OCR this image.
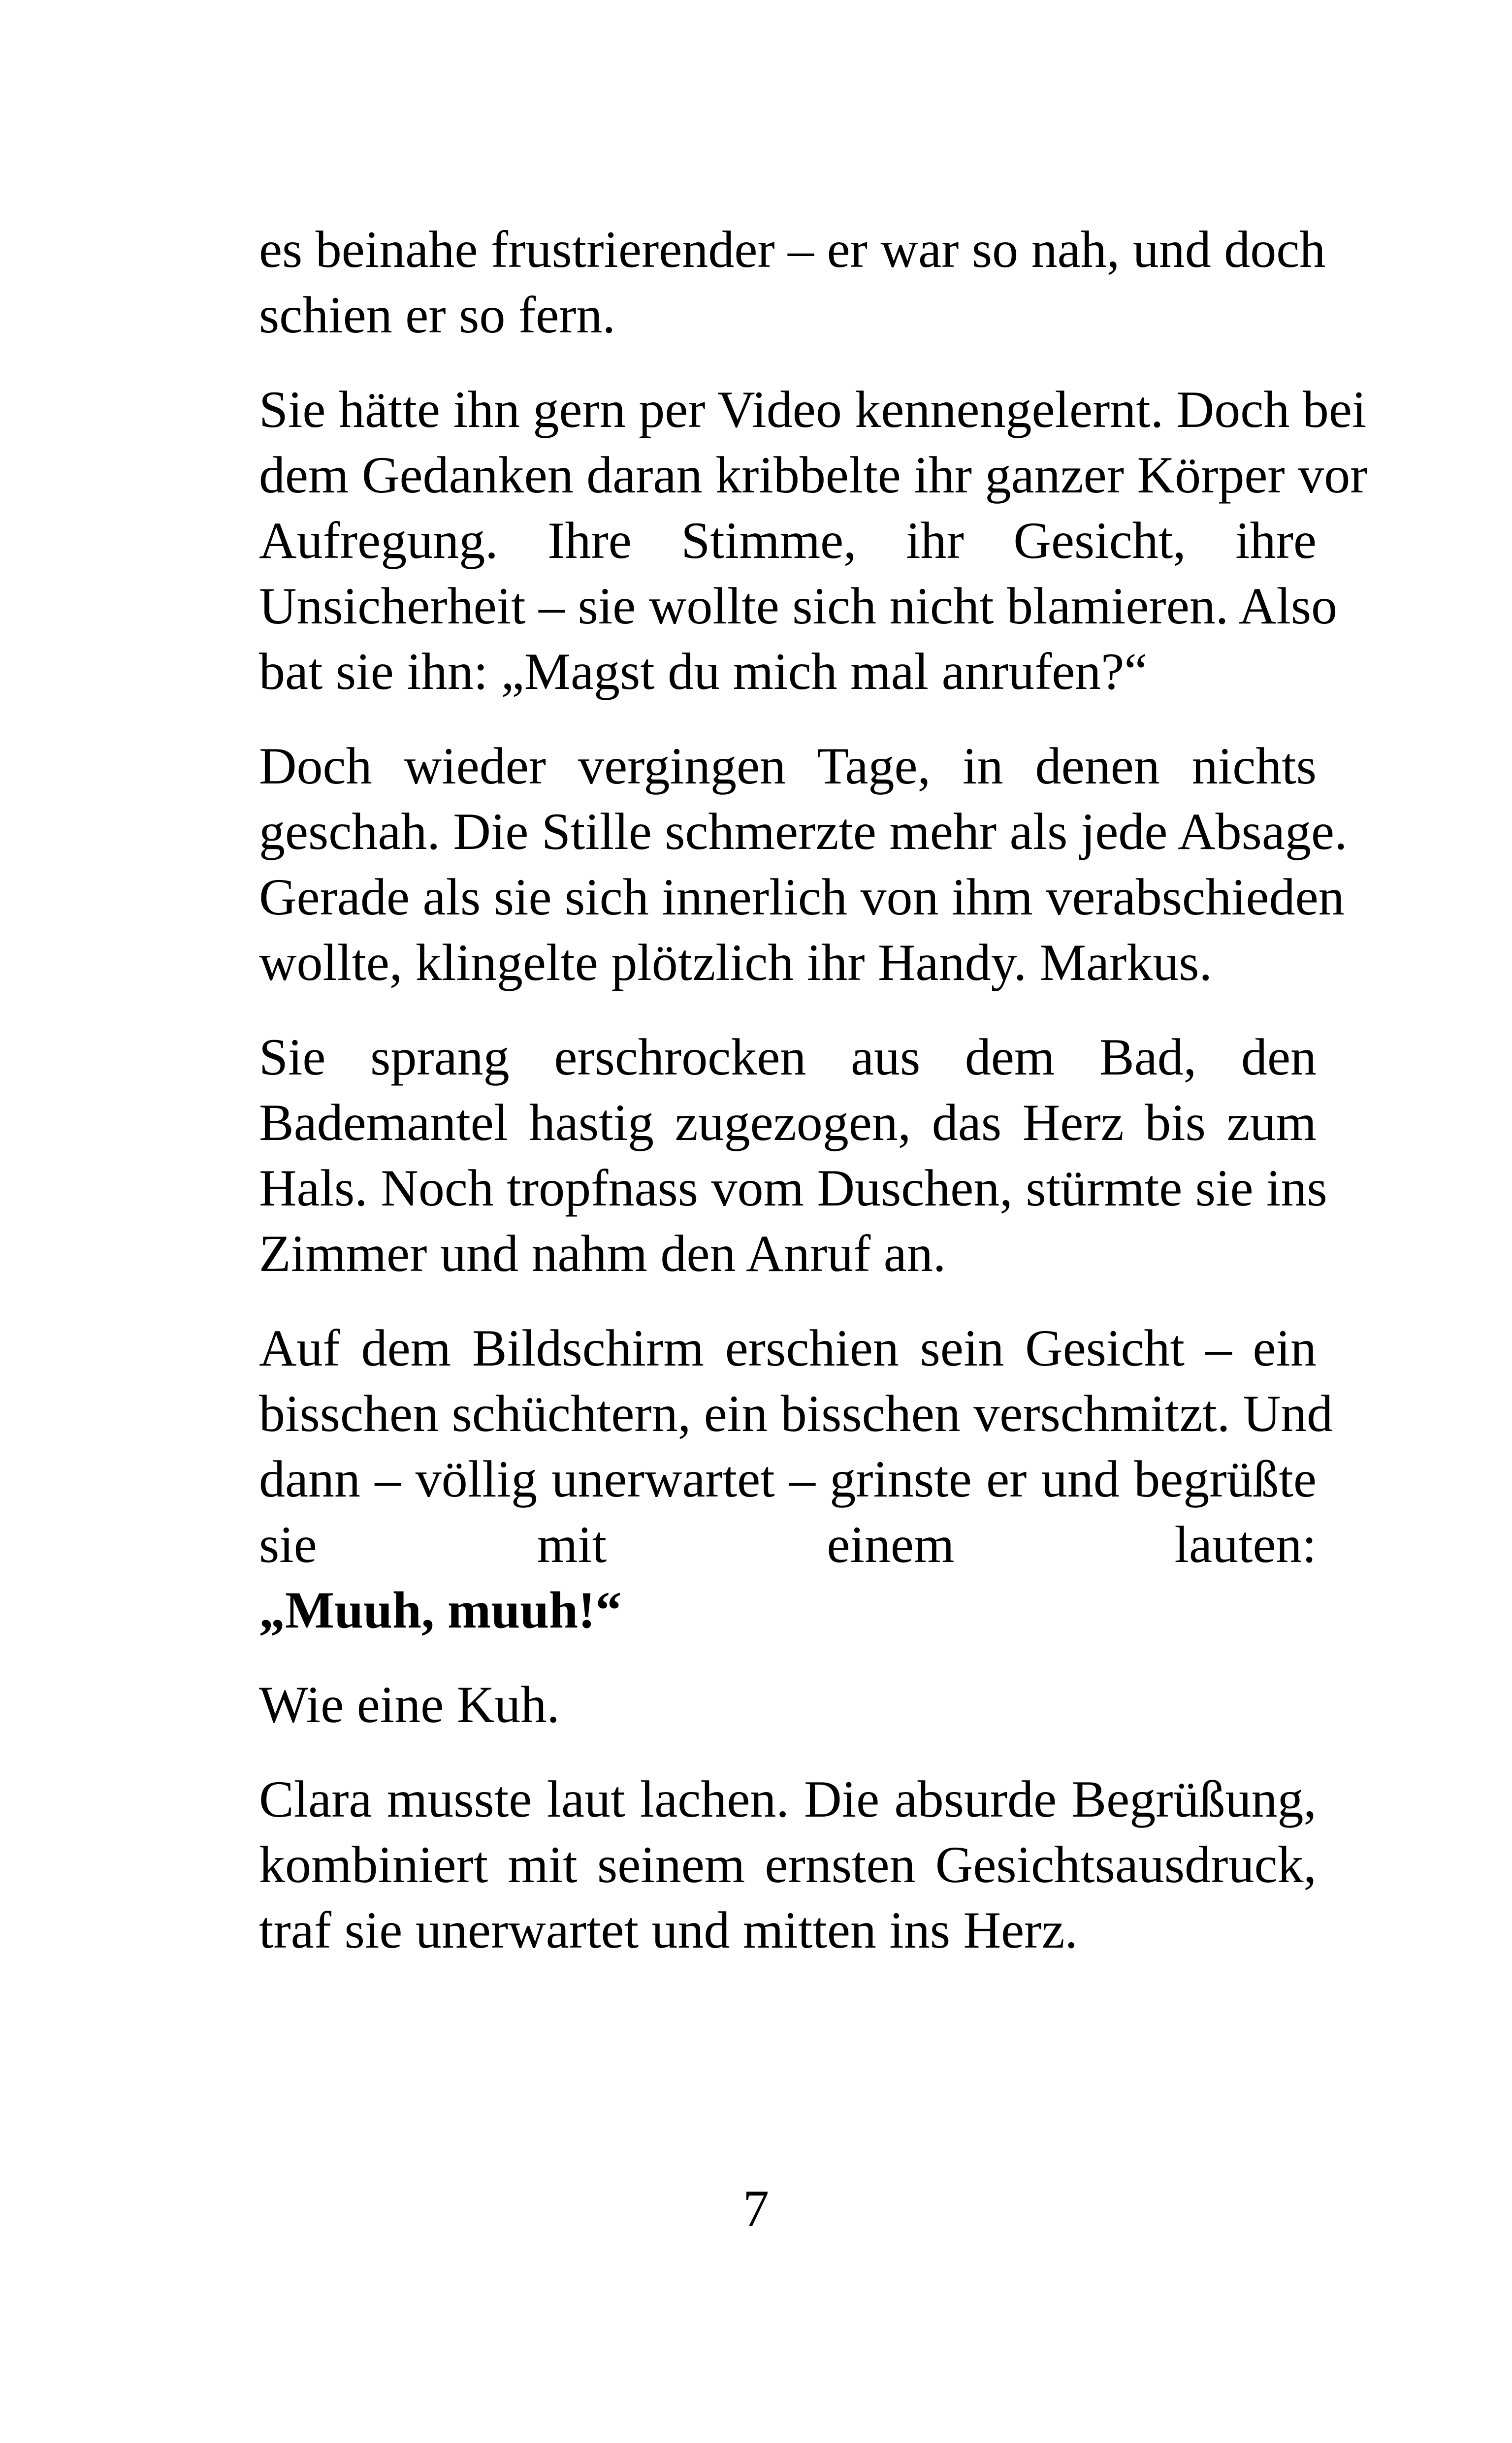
es beinahe frustrierender – er war so nah, und doch
schien er so fern.

Sie hätte ihn gern per Video kennengelernt. Doch bei
dem Gedanken daran kribbelte ihr ganzer Körper vor
Aufregung. Ihre Stimme, ihr Gesicht, ihre
Unsicherheit – sie wollte sich nicht blamieren. Also
bat sie ihn: „Magst du mich mal anrufen?“

Doch wieder vergingen Tage, in denen nichts
geschah. Die Stille schmerzte mehr als jede Absage.
Gerade als sie sich innerlich von ihm verabschieden
wollte, klingelte plötzlich ihr Handy. Markus.

Sie sprang erschrocken aus dem Bad, den
Bademantel hastig zugezogen, das Herz bis zum
Hals. Noch tropfnass vom Duschen, stürmte sie ins
Zimmer und nahm den Anruf an.

Auf dem Bildschirm erschien sein Gesicht – ein
bisschen schüchtern, ein bisschen verschmitzt. Und
dann – völlig unerwartet – grinste er und begrüßte
sie mit einem lauten:
„Muuh, muuh!“

Wie eine Kuh.

Clara musste laut lachen. Die absurde Begrüßung,
kombiniert mit seinem ernsten Gesichtsausdruck,
traf sie unerwartet und mitten ins Herz.

7
